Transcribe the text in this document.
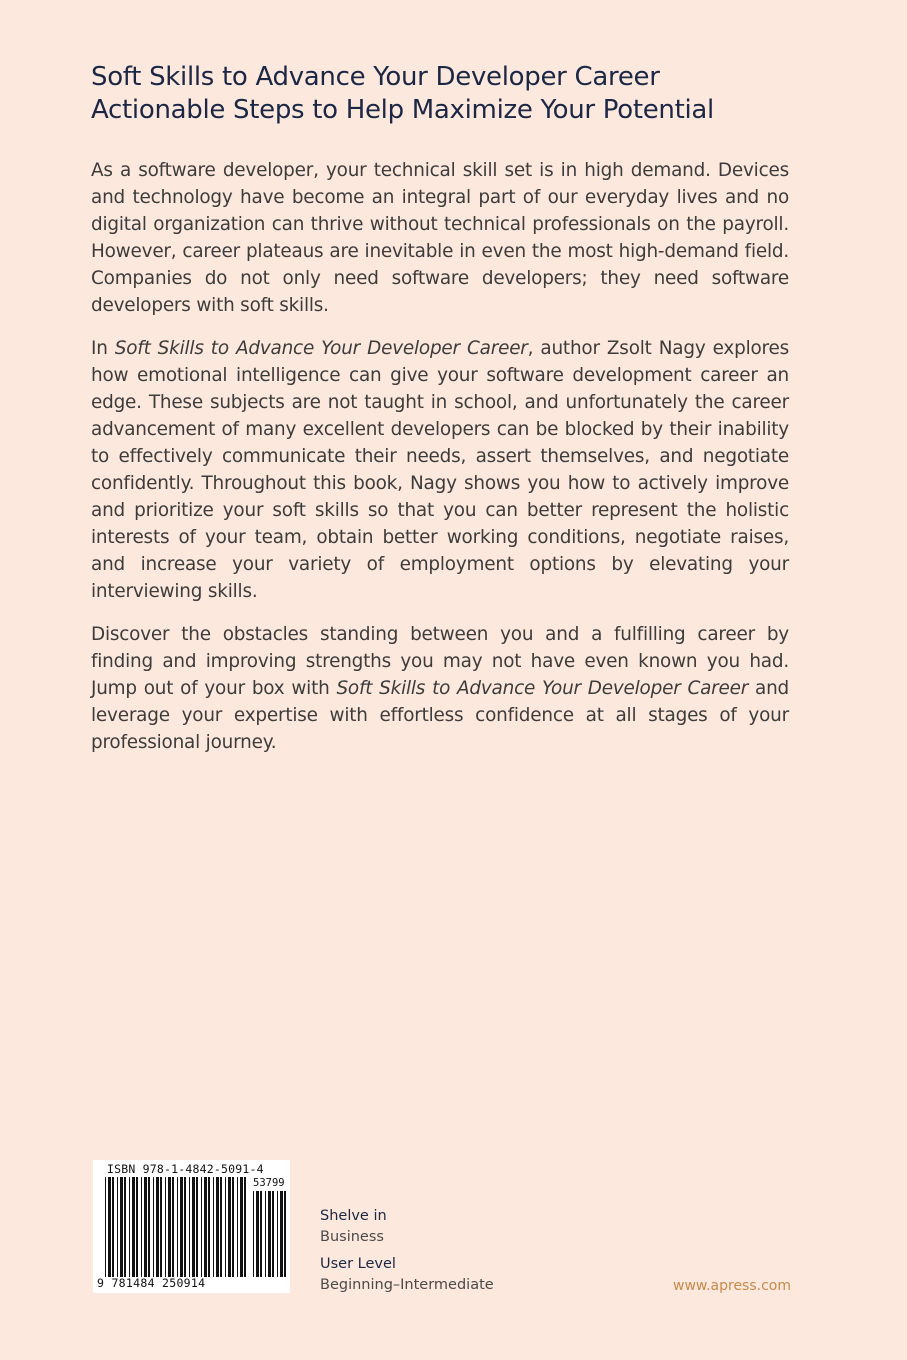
Soft Skills to Advance Your Developer Career
Actionable Steps to Help Maximize Your Potential

As a software developer, your technical skill set is in high demand. Devices and technology have become an integral part of our everyday lives and no digital organization can thrive without technical professionals on the payroll. However, career plateaus are inevitable in even the most high-demand field. Companies do not only need software developers; they need software developers with soft skills.

In Soft Skills to Advance Your Developer Career, author Zsolt Nagy explores how emotional intelligence can give your software development career an edge. These subjects are not taught in school, and unfortunately the career advancement of many excellent developers can be blocked by their inability to effectively communicate their needs, assert themselves, and negotiate confidently. Throughout this book, Nagy shows you how to actively improve and prioritize your soft skills so that you can better represent the holistic interests of your team, obtain better working conditions, negotiate raises, and increase your variety of employment options by elevating your interviewing skills.

Discover the obstacles standing between you and a fulfilling career by finding and improving strengths you may not have even known you had. Jump out of your box with Soft Skills to Advance Your Developer Career and leverage your expertise with effortless confidence at all stages of your professional journey.

ISBN 978-1-4842-5091-4
53799
9 781484 250914
Shelve in
Business
User Level
Beginning–Intermediate	www.apress.com
